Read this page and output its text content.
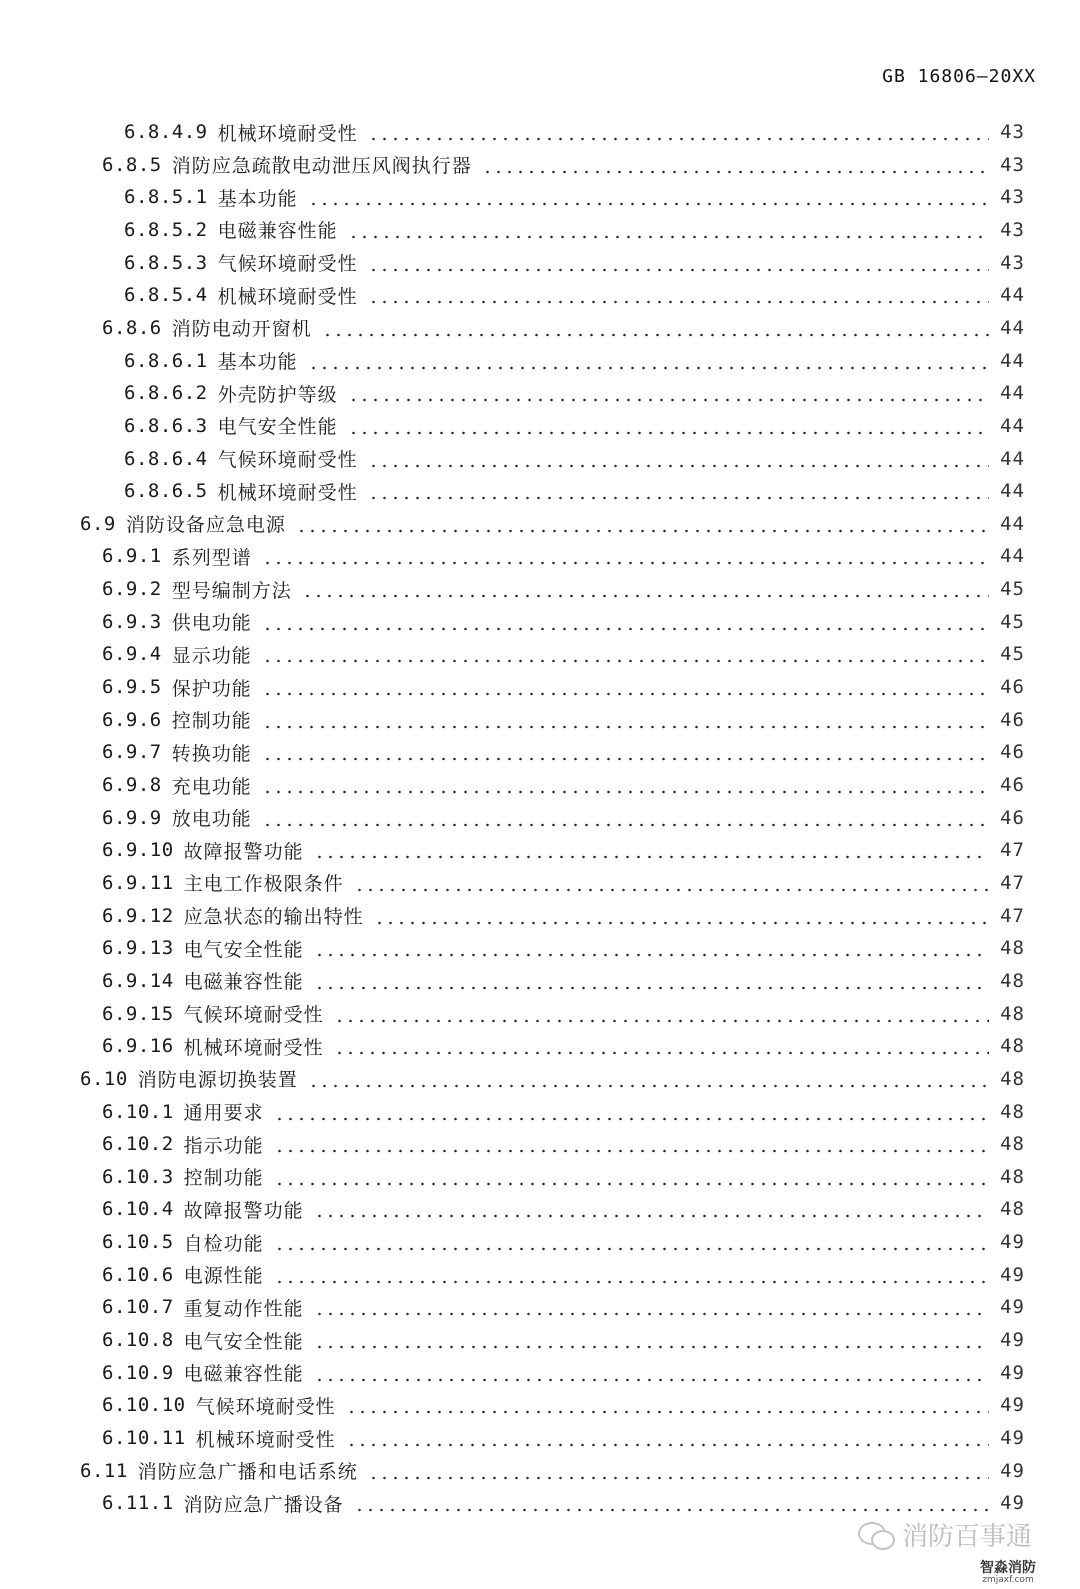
GB 16806—20XX
6.8.4.9 机械环境耐受性	43
6.8.5 消防应急疏散电动泄压风阀执行器	43
6.8.5.1 基本功能	43
6.8.5.2 电磁兼容性能	43
6.8.5.3 气候环境耐受性	43
6.8.5.4 机械环境耐受性	44
6.8.6 消防电动开窗机	44
6.8.6.1 基本功能	44
6.8.6.2 外壳防护等级	44
6.8.6.3 电气安全性能	44
6.8.6.4 气候环境耐受性	44
6.8.6.5 机械环境耐受性	44
6.9 消防设备应急电源	44
6.9.1 系列型谱	44
6.9.2 型号编制方法	45
6.9.3 供电功能	45
6.9.4 显示功能	45
6.9.5 保护功能	46
6.9.6 控制功能	46
6.9.7 转换功能	46
6.9.8 充电功能	46
6.9.9 放电功能	46
6.9.10 故障报警功能	47
6.9.11 主电工作极限条件	47
6.9.12 应急状态的输出特性	47
6.9.13 电气安全性能	48
6.9.14 电磁兼容性能	48
6.9.15 气候环境耐受性	48
6.9.16 机械环境耐受性	48
6.10 消防电源切换装置	48
6.10.1 通用要求	48
6.10.2 指示功能	48
6.10.3 控制功能	48
6.10.4 故障报警功能	48
6.10.5 自检功能	49
6.10.6 电源性能	49
6.10.7 重复动作性能	49
6.10.8 电气安全性能	49
6.10.9 电磁兼容性能	49
6.10.10 气候环境耐受性	49
6.10.11 机械环境耐受性	49
6.11 消防应急广播和电话系统	49
6.11.1 消防应急广播设备	49
消防百事通
智淼消防
zmjaxf.com
